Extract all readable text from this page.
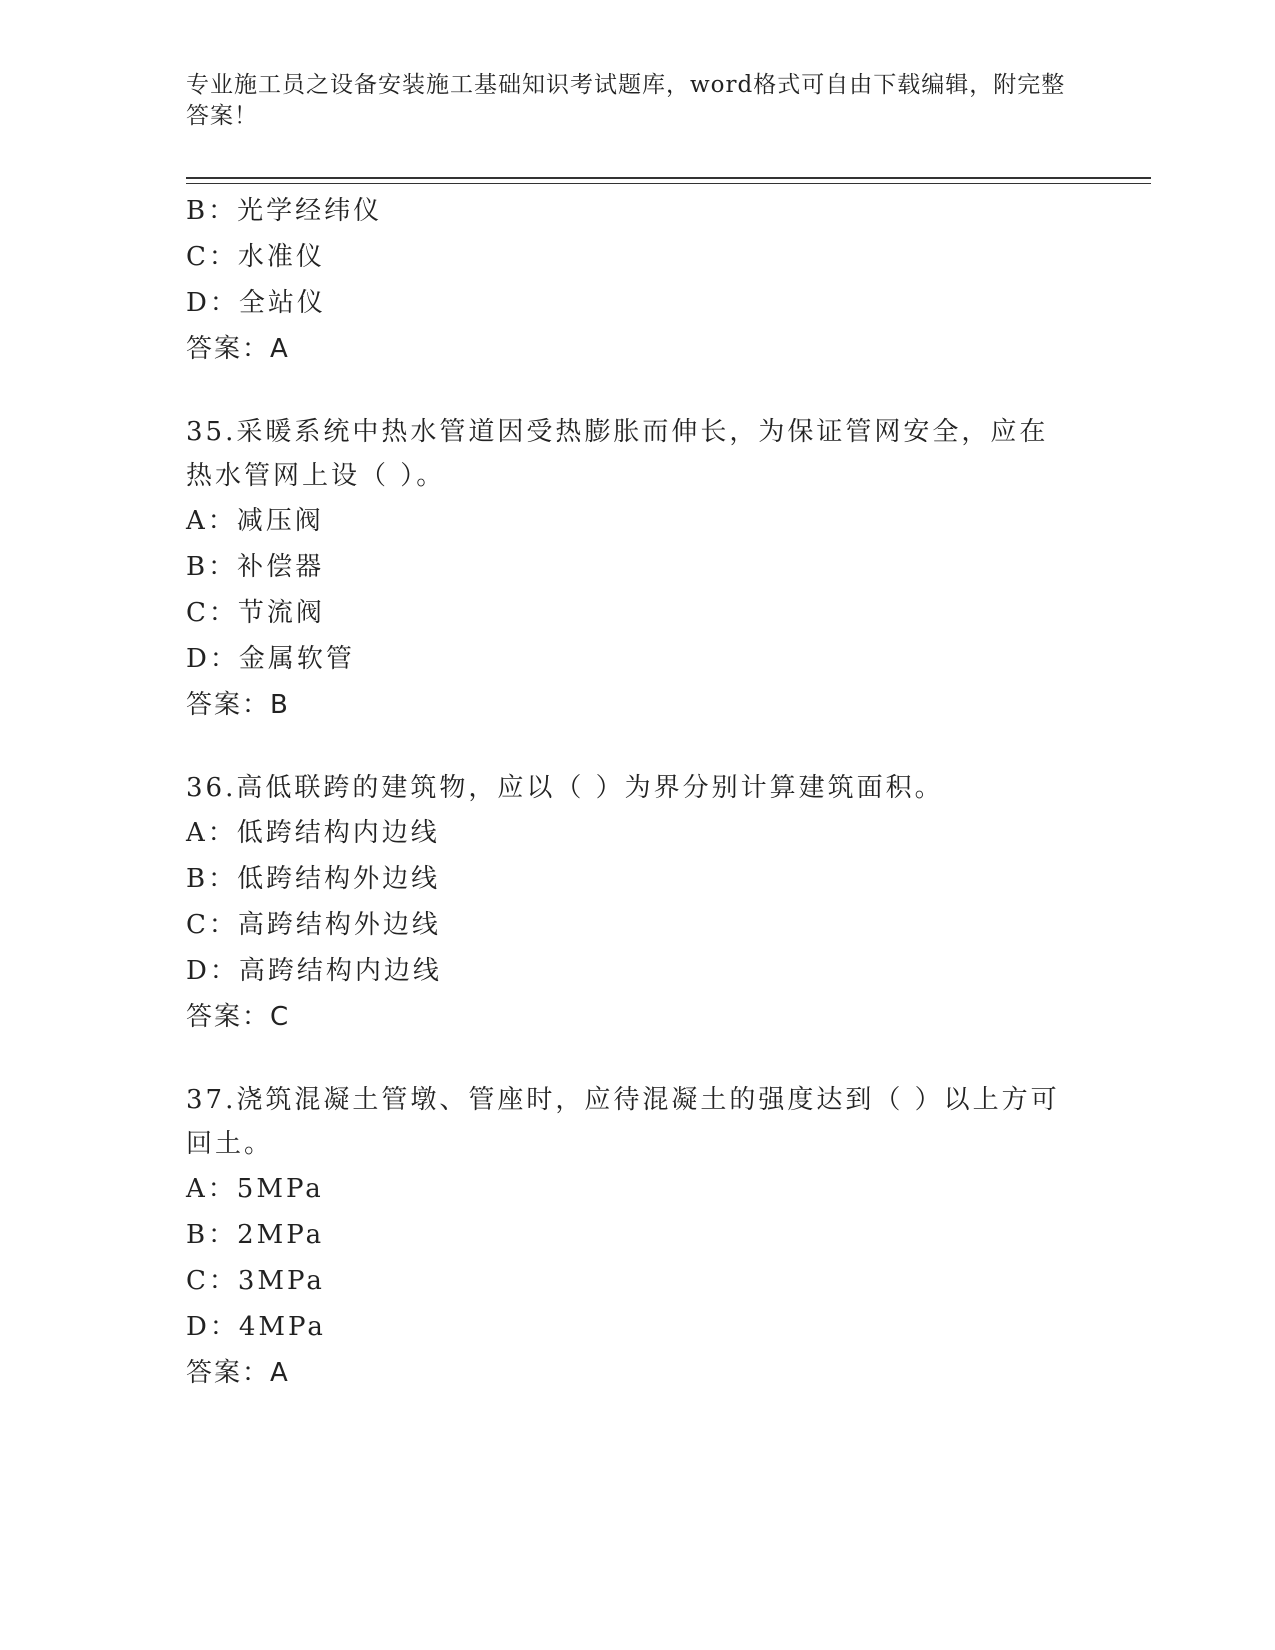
专业施工员之设备安装施工基础知识考试题库，word格式可自由下载编辑，附完整答案！
B：光学经纬仪
C：水准仪
D：全站仪
答案：A
35.采暖系统中热水管道因受热膨胀而伸长，为保证管网安全，应在热水管网上设（ ）。
A：减压阀
B：补偿器
C：节流阀
D：金属软管
答案：B
36.高低联跨的建筑物，应以（ ）为界分别计算建筑面积。
A：低跨结构内边线
B：低跨结构外边线
C：高跨结构外边线
D：高跨结构内边线
答案：C
37.浇筑混凝土管墩、管座时，应待混凝土的强度达到（ ）以上方可回土。
A：5MPa
B：2MPa
C：3MPa
D：4MPa
答案：A
